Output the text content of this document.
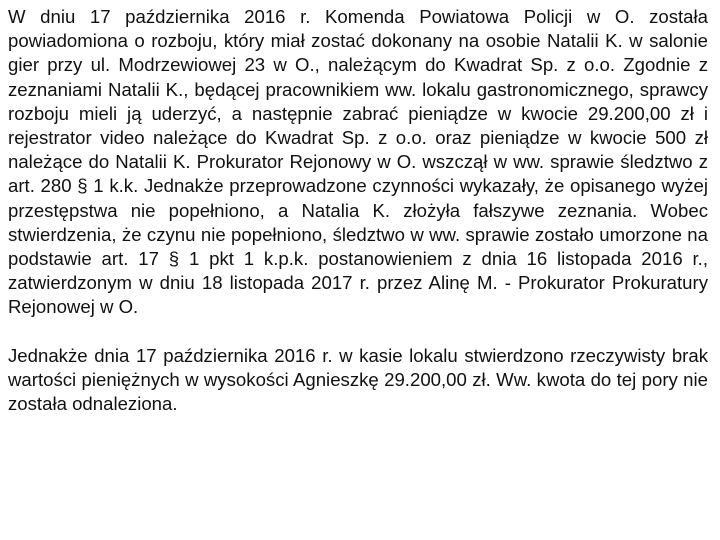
W dniu 17 października 2016 r. Komenda Powiatowa Policji w O. została powiadomiona o rozboju, który miał zostać dokonany na osobie Natalii K. w salonie gier przy ul. Modrzewiowej 23 w O., należącym do Kwadrat Sp. z o.o. Zgodnie z zeznaniami Natalii K., będącej pracownikiem ww. lokalu gastronomicznego, sprawcy rozboju mieli ją uderzyć, a następnie zabrać pieniądze w kwocie 29.200,00 zł i rejestrator video należące do Kwadrat Sp. z o.o. oraz pieniądze w kwocie 500 zł należące do Natalii K. Prokurator Rejonowy w O. wszczął w ww. sprawie śledztwo z art. 280 § 1 k.k. Jednakże przeprowadzone czynności wykazały, że opisanego wyżej przestępstwa nie popełniono, a Natalia K. złożyła fałszywe zeznania. Wobec stwierdzenia, że czynu nie popełniono, śledztwo w ww. sprawie zostało umorzone na podstawie art. 17 § 1 pkt 1 k.p.k. postanowieniem z dnia 16 listopada 2016 r., zatwierdzonym w dniu 18 listopada 2017 r. przez Alinę M. - Prokurator Prokuratury Rejonowej w O.

Jednakże dnia 17 października 2016 r. w kasie lokalu stwierdzono rzeczywisty brak wartości pieniężnych w wysokości Agnieszkę 29.200,00 zł. Ww. kwota do tej pory nie została odnaleziona.
